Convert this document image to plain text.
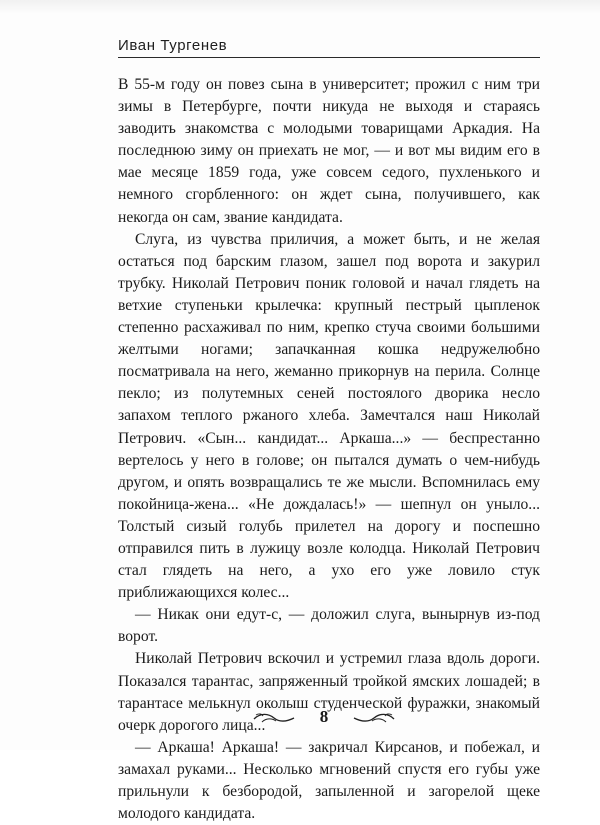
Иван Тургенев

В 55-м году он повез сына в университет; прожил с ним три зимы в Петербурге, почти никуда не выходя и стараясь заводить знакомства с молодыми товарищами Аркадия. На последнюю зиму он приехать не мог, — и вот мы видим его в мае месяце 1859 года, уже совсем седого, пухленького и немного сгорбленного: он ждет сына, получившего, как некогда он сам, звание кандидата.

Слуга, из чувства приличия, а может быть, и не желая остаться под барским глазом, зашел под ворота и закурил трубку. Николай Петрович поник головой и начал глядеть на ветхие ступеньки крылечка: крупный пестрый цыплeнок степенно расхаживал по ним, крепко стуча своими большими желтыми ногами; запачканная кошка недружелюбно посматривала на него, жеманно прикорнув на перила. Солнце пекло; из полутемных сеней постоялого дворика несло запахом теплого ржаного хлеба. Замечтался наш Николай Петрович. «Сын... кандидат... Аркаша...» — беспрестанно вертелось у него в голове; он пытался думать о чем-нибудь другом, и опять возвращались те же мысли. Вспомнилась ему покойница-жена... «Не дождалась!» — шепнул он уныло... Толстый сизый голубь прилетел на дорогу и поспешно отправился пить в лужицу возле колодца. Николай Петрович стал глядеть на него, а ухо его уже ловило стук приближающихся колес...

— Никак они едут-с, — доложил слуга, вынырнув из-под ворот.

Николай Петрович вскочил и устремил глаза вдоль дороги. Показался тарантас, запряженный тройкой ямских лошадей; в тарантасе мелькнул околыш студенческой фуражки, знакомый очерк дорогого лица...

— Аркаша! Аркаша! — закричал Кирсанов, и побежал, и замахал руками... Несколько мгновений спустя его губы уже прильнули к безбородой, запыленной и загорелой щеке молодого кандидата.

8
